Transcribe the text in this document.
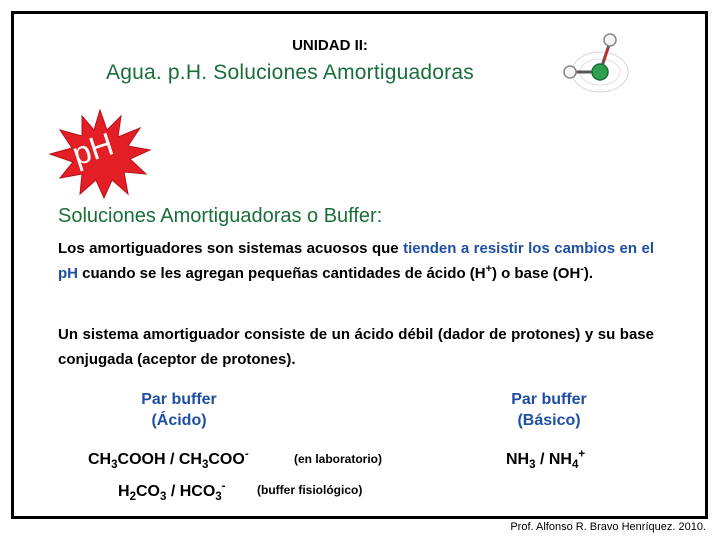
UNIDAD II:
Agua. p.H. Soluciones Amortiguadoras
pH
Soluciones Amortiguadoras o Buffer:
Los amortiguadores son sistemas acuosos que tienden a resistir los cambios en el pH cuando se les agregan pequeñas cantidades de ácido (H+) o base (OH-).
Un sistema amortiguador consiste de un ácido débil (dador de protones) y su base conjugada (aceptor de protones).
Par buffer
(Ácido)
Par buffer
(Básico)
$CH_3COOH / CH_3COO^-$	(en laboratorio)	$NH_3 / NH_4^+$
$H_2CO_3 / HCO_3^-$	(buffer fisiológico)
Prof. Alfonso R. Bravo Henríquez. 2010.
